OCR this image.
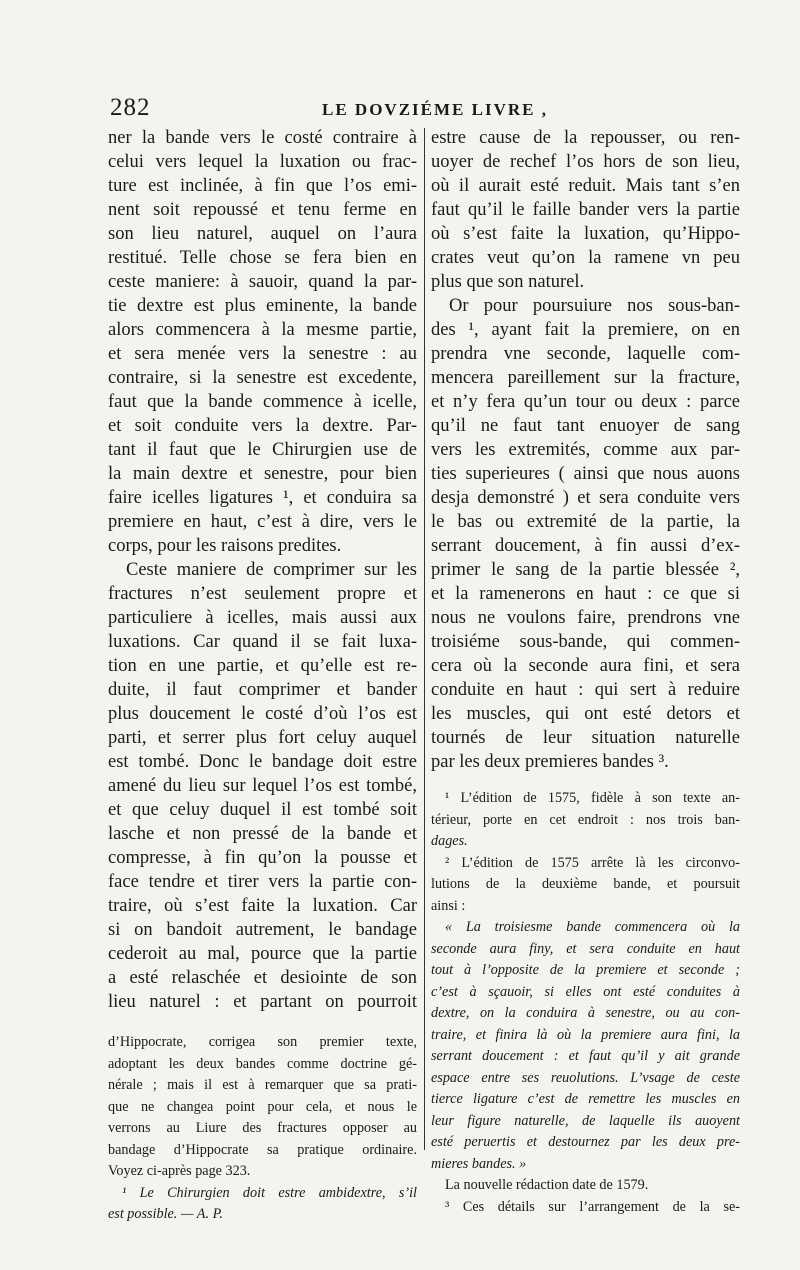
282	LE DOVZIÉME LIVRE ,
ner la bande vers le costé contraire à
celui vers lequel la luxation ou frac-
ture est inclinée, à fin que l’os emi-
nent soit repoussé et tenu ferme en
son lieu naturel, auquel on l’aura
restitué. Telle chose se fera bien en
ceste maniere: à sauoir, quand la par-
tie dextre est plus eminente, la bande
alors commencera à la mesme partie,
et sera menée vers la senestre : au
contraire, si la senestre est excedente,
faut que la bande commence à icelle,
et soit conduite vers la dextre. Par-
tant il faut que le Chirurgien use de
la main dextre et senestre, pour bien
faire icelles ligatures ¹, et conduira sa
premiere en haut, c’est à dire, vers le
corps, pour les raisons predites.
Ceste maniere de comprimer sur les
fractures n’est seulement propre et
particuliere à icelles, mais aussi aux
luxations. Car quand il se fait luxa-
tion en une partie, et qu’elle est re-
duite, il faut comprimer et bander
plus doucement le costé d’où l’os est
parti, et serrer plus fort celuy auquel
est tombé. Donc le bandage doit estre
amené du lieu sur lequel l’os est tombé,
et que celuy duquel il est tombé soit
lasche et non pressé de la bande et
compresse, à fin qu’on la pousse et
face tendre et tirer vers la partie con-
traire, où s’est faite la luxation. Car
si on bandoit autrement, le bandage
cederoit au mal, pource que la partie
a esté relaschée et desiointe de son
lieu naturel : et partant on pourroit
d’Hippocrate, corrigea son premier texte,
adoptant les deux bandes comme doctrine gé-
nérale ; mais il est à remarquer que sa prati-
que ne changea point pour cela, et nous le
verrons au Liure des fractures opposer au
bandage d’Hippocrate sa pratique ordinaire.
Voyez ci-après page 323.
¹ Le Chirurgien doit estre ambidextre, s’il
est possible. — A. P.
estre cause de la repousser, ou ren-
uoyer de rechef l’os hors de son lieu,
où il aurait esté reduit. Mais tant s’en
faut qu’il le faille bander vers la partie
où s’est faite la luxation, qu’Hippo-
crates veut qu’on la ramene vn peu
plus que son naturel.
Or pour poursuiure nos sous-ban-
des ¹, ayant fait la premiere, on en
prendra vne seconde, laquelle com-
mencera pareillement sur la fracture,
et n’y fera qu’un tour ou deux : parce
qu’il ne faut tant enuoyer de sang
vers les extremités, comme aux par-
ties superieures ( ainsi que nous auons
desja demonstré ) et sera conduite vers
le bas ou extremité de la partie, la
serrant doucement, à fin aussi d’ex-
primer le sang de la partie blessée ²,
et la ramenerons en haut : ce que si
nous ne voulons faire, prendrons vne
troisiéme sous-bande, qui commen-
cera où la seconde aura fini, et sera
conduite en haut : qui sert à reduire
les muscles, qui ont esté detors et
tournés de leur situation naturelle
par les deux premieres bandes ³.
¹ L’édition de 1575, fidèle à son texte an-
térieur, porte en cet endroit : nos trois ban-
dages.
² L’édition de 1575 arrête là les circonvo-
lutions de la deuxième bande, et poursuit
ainsi :
« La troisiesme bande commencera où la
seconde aura finy, et sera conduite en haut
tout à l’opposite de la premiere et seconde ;
c’est à sçauoir, si elles ont esté conduites à
dextre, on la conduira à senestre, ou au con-
traire, et finira là où la premiere aura fini, la
serrant doucement : et faut qu’il y ait grande
espace entre ses reuolutions. L’vsage de ceste
tierce ligature c’est de remettre les muscles en
leur figure naturelle, de laquelle ils auoyent
esté peruertis et destournez par les deux pre-
mieres bandes. »
La nouvelle rédaction date de 1579.
³ Ces détails sur l’arrangement de la se-
